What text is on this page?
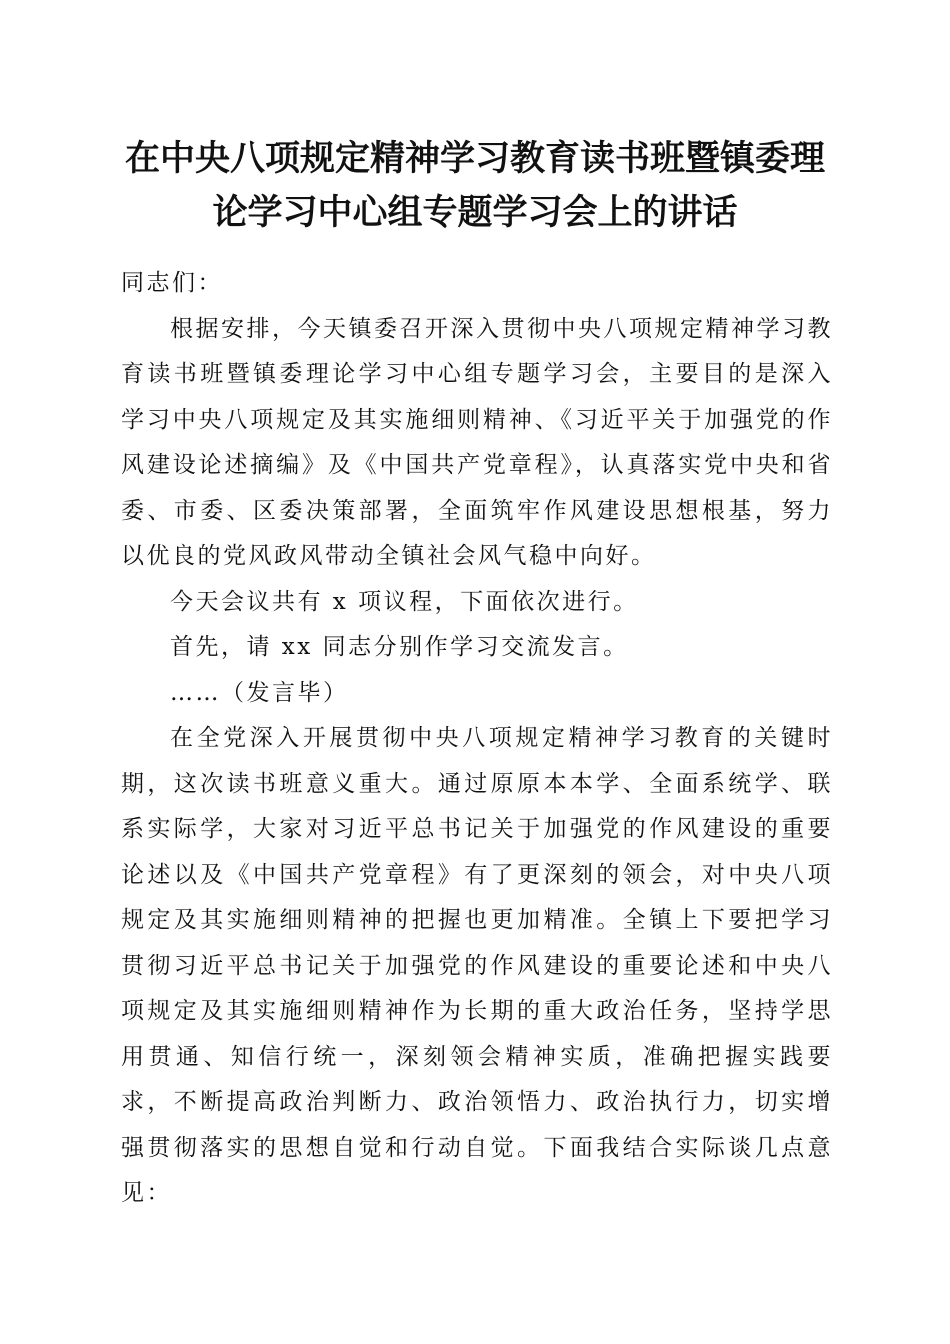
在中央八项规定精神学习教育读书班暨镇委理
论学习中心组专题学习会上的讲话

同志们：

根据安排，今天镇委召开深入贯彻中央八项规定精神学习教育读书班暨镇委理论学习中心组专题学习会，主要目的是深入学习中央八项规定及其实施细则精神、《习近平关于加强党的作风建设论述摘编》及《中国共产党章程》，认真落实党中央和省委、市委、区委决策部署，全面筑牢作风建设思想根基，努力以优良的党风政风带动全镇社会风气稳中向好。

今天会议共有 x 项议程，下面依次进行。

首先，请 xx 同志分别作学习交流发言。

……（发言毕）

在全党深入开展贯彻中央八项规定精神学习教育的关键时期，这次读书班意义重大。通过原原本本学、全面系统学、联系实际学，大家对习近平总书记关于加强党的作风建设的重要论述以及《中国共产党章程》有了更深刻的领会，对中央八项规定及其实施细则精神的把握也更加精准。全镇上下要把学习贯彻习近平总书记关于加强党的作风建设的重要论述和中央八项规定及其实施细则精神作为长期的重大政治任务，坚持学思用贯通、知信行统一，深刻领会精神实质，准确把握实践要求，不断提高政治判断力、政治领悟力、政治执行力，切实增强贯彻落实的思想自觉和行动自觉。下面我结合实际谈几点意见：
